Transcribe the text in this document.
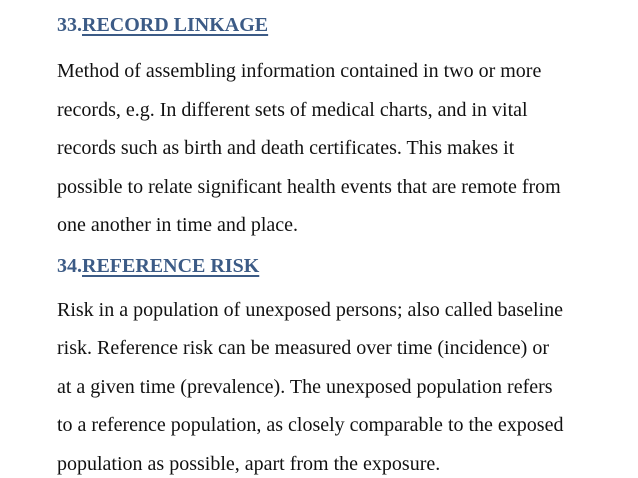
33.RECORD LINKAGE
Method of assembling information contained in two or more
records, e.g. In different sets of medical charts, and in vital
records such as birth and death certificates. This makes it
possible to relate significant health events that are remote from
one another in time and place.
34.REFERENCE RISK
Risk in a population of unexposed persons; also called baseline
risk. Reference risk can be measured over time (incidence) or
at a given time (prevalence). The unexposed population refers
to a reference population, as closely comparable to the exposed
population as possible, apart from the exposure.
